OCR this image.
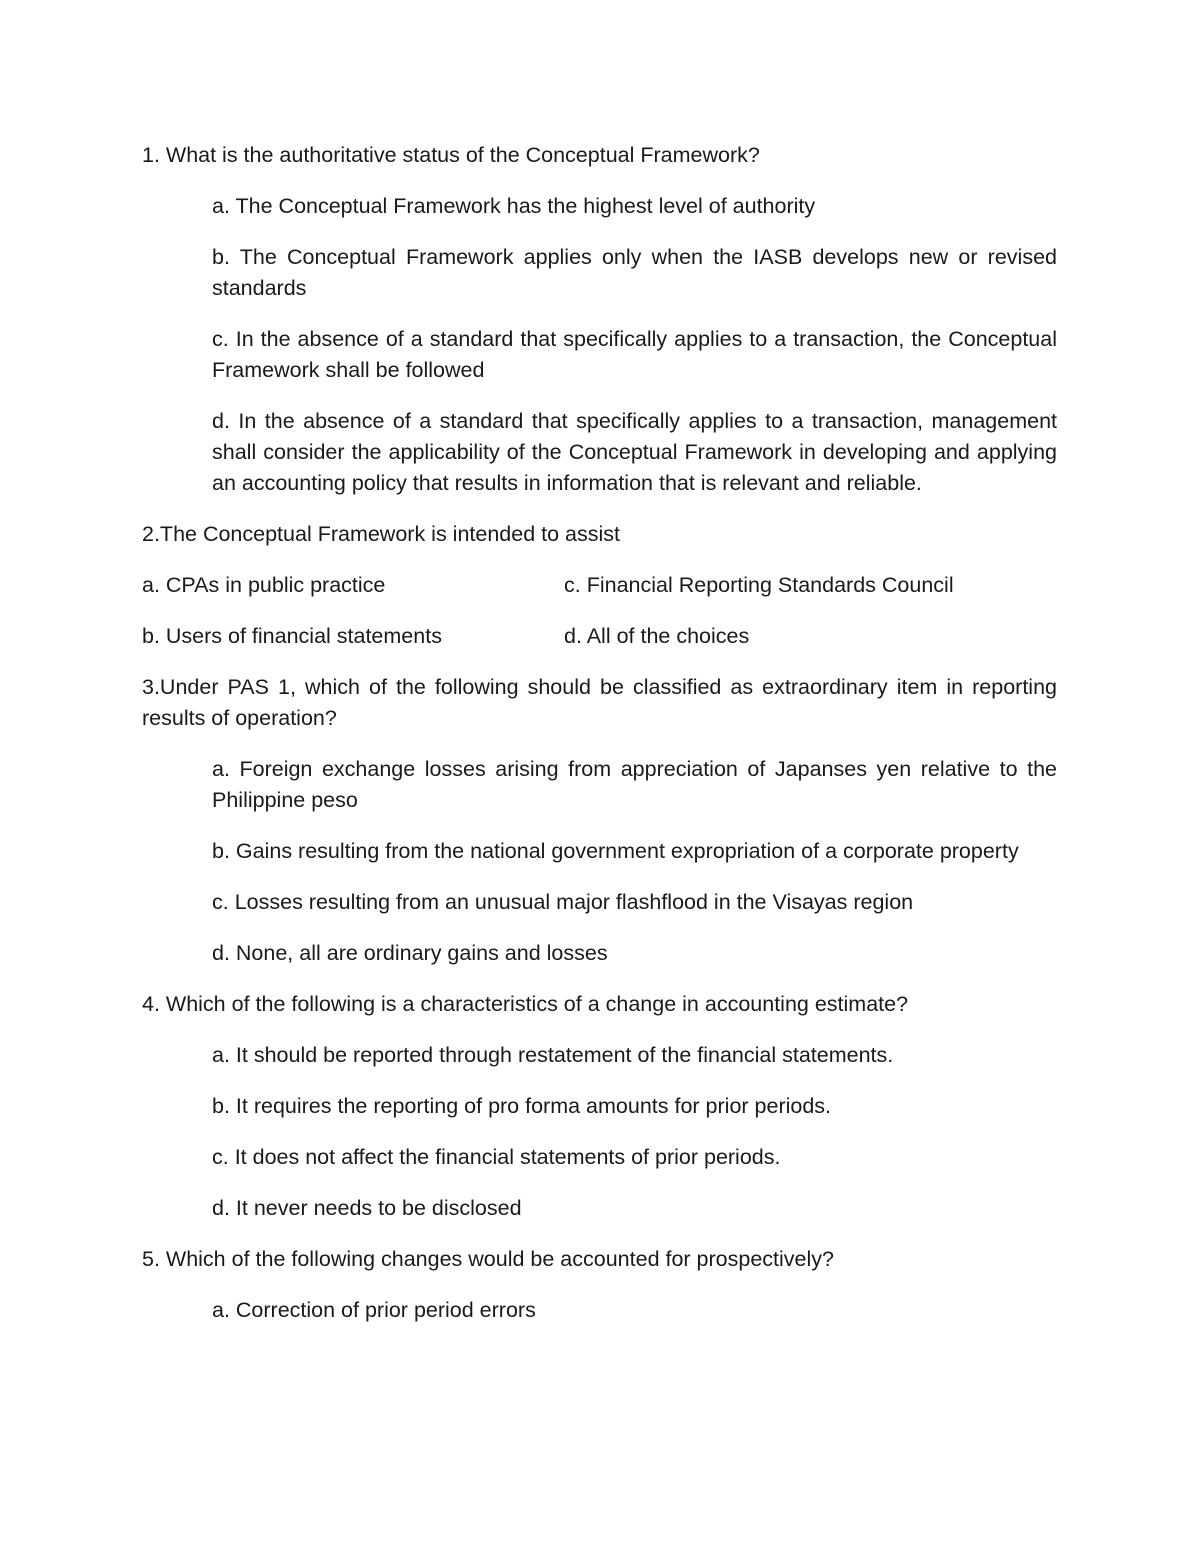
1. What is the authoritative status of the Conceptual Framework?

a. The Conceptual Framework has the highest level of authority

b. The Conceptual Framework applies only when the IASB develops new or revised standards

c. In the absence of a standard that specifically applies to a transaction, the Conceptual Framework shall be followed

d. In the absence of a standard that specifically applies to a transaction, management shall consider the applicability of the Conceptual Framework in developing and applying an accounting policy that results in information that is relevant and reliable.

2.The Conceptual Framework is intended to assist

a. CPAs in public practice	c. Financial Reporting Standards Council
b. Users of financial statements	d. All of the choices

3.Under PAS 1, which of the following should be classified as extraordinary item in reporting results of operation?

a. Foreign exchange losses arising from appreciation of Japanses yen relative to the Philippine peso

b. Gains resulting from the national government expropriation of a corporate property

c. Losses resulting from an unusual major flashflood in the Visayas region

d. None, all are ordinary gains and losses

4. Which of the following is a characteristics of a change in accounting estimate?

a. It should be reported through restatement of the financial statements.

b. It requires the reporting of pro forma amounts for prior periods.

c. It does not affect the financial statements of prior periods.

d. It never needs to be disclosed

5. Which of the following changes would be accounted for prospectively?

a. Correction of prior period errors
